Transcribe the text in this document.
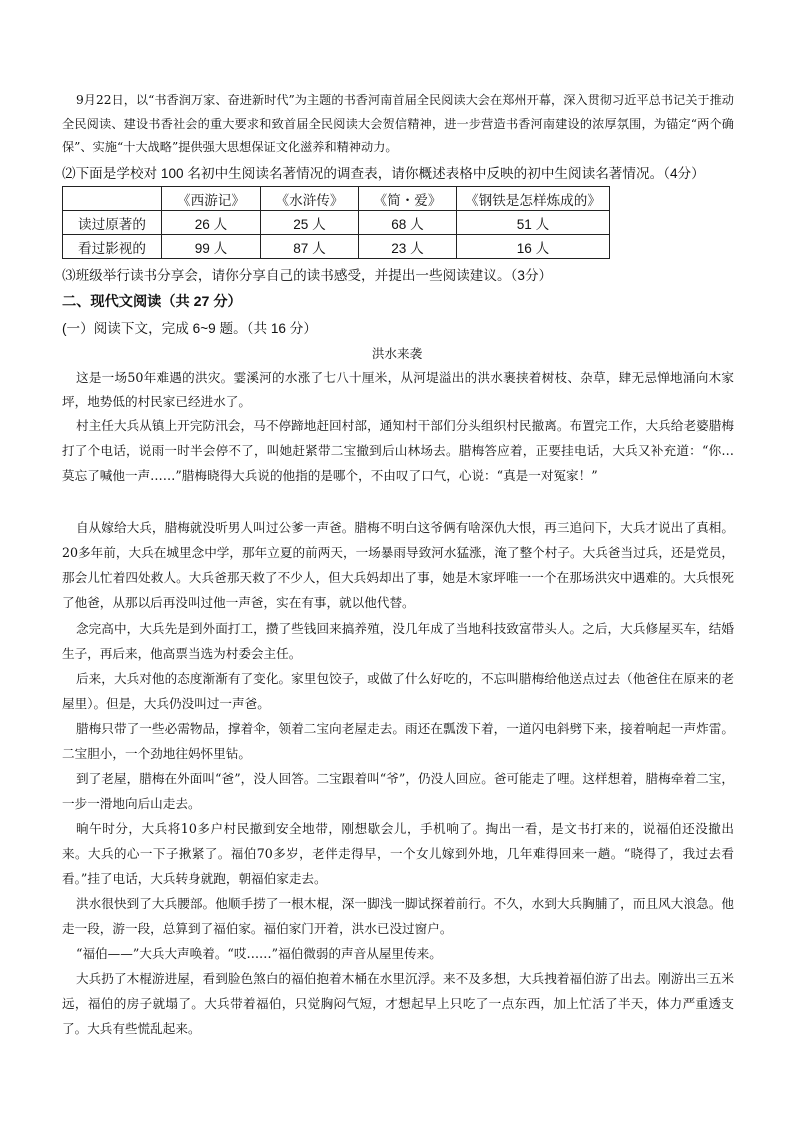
9月22日，以“书香润万家、奋进新时代”为主题的书香河南首届全民阅读大会在郑州开幕，深入贯彻习近平总书记关于推动全民阅读、建设书香社会的重大要求和致首届全民阅读大会贺信精神，进一步营造书香河南建设的浓厚氛围，为锚定“两个确保”、实施“十大战略”提供强大思想保证文化滋养和精神动力。
⑵下面是学校对 100 名初中生阅读名著情况的调查表，请你概述表格中反映的初中生阅读名著情况。（4分）
	《西游记》	《水浒传》	《简・爱》	《钢铁是怎样炼成的》
读过原著的	26 人	25 人	68 人	51 人
看过影视的	99 人	87 人	23 人	16 人
⑶班级举行读书分享会，请你分享自己的读书感受，并提出一些阅读建议。（3分）
二、现代文阅读（共 27 分）
(一）阅读下文，完成 6~9 题。（共 16 分）
洪水来袭
这是一场50年难遇的洪灾。霎溪河的水涨了七八十厘米，从河堤溢出的洪水裹挟着树枝、杂草，肆无忌惮地涌向木家坪，地势低的村民家已经进水了。
村主任大兵从镇上开完防汛会，马不停蹄地赶回村部，通知村干部们分头组织村民撤离。布置完工作，大兵给老婆腊梅打了个电话，说雨一时半会停不了，叫她赶紧带二宝撤到后山林场去。腊梅答应着，正要挂电话，大兵又补充道：“你…莫忘了喊他一声……”腊梅晓得大兵说的他指的是哪个，不由叹了口气，心说：“真是一对冤家！”
自从嫁给大兵，腊梅就没听男人叫过公爹一声爸。腊梅不明白这爷俩有啥深仇大恨，再三追问下，大兵才说出了真相。20多年前，大兵在城里念中学，那年立夏的前两天，一场暴雨导致河水猛涨，淹了整个村子。大兵爸当过兵，还是党员，那会儿忙着四处救人。大兵爸那天救了不少人，但大兵妈却出了事，她是木家坪唯一一个在那场洪灾中遇难的。大兵恨死了他爸，从那以后再没叫过他一声爸，实在有事，就以他代替。
念完高中，大兵先是到外面打工，攒了些钱回来搞养殖，没几年成了当地科技致富带头人。之后，大兵修屋买车，结婚生子，再后来，他高票当选为村委会主任。
后来，大兵对他的态度渐渐有了变化。家里包饺子，或做了什么好吃的，不忘叫腊梅给他送点过去（他爸住在原来的老屋里）。但是，大兵仍没叫过一声爸。
腊梅只带了一些必需物品，撑着伞，领着二宝向老屋走去。雨还在瓢泼下着，一道闪电斜劈下来，接着响起一声炸雷。二宝胆小，一个劲地往妈怀里钻。
到了老屋，腊梅在外面叫“爸”，没人回答。二宝跟着叫“爷”，仍没人回应。爸可能走了哩。这样想着，腊梅牵着二宝，一步一滑地向后山走去。
晌午时分，大兵将10多户村民撤到安全地带，刚想歇会儿，手机响了。掏出一看，是文书打来的，说福伯还没撤出来。大兵的心一下子揪紧了。福伯70多岁，老伴走得早，一个女儿嫁到外地，几年难得回来一趟。“晓得了，我过去看看。”挂了电话，大兵转身就跑，朝福伯家走去。
洪水很快到了大兵腰部。他顺手捞了一根木棍，深一脚浅一脚试探着前行。不久，水到大兵胸脯了，而且风大浪急。他走一段，游一段，总算到了福伯家。福伯家门开着，洪水已没过窗户。
“福伯——”大兵大声唤着。“哎……”福伯微弱的声音从屋里传来。
大兵扔了木棍游进屋，看到脸色煞白的福伯抱着木桶在水里沉浮。来不及多想，大兵拽着福伯游了出去。刚游出三五米远，福伯的房子就塌了。大兵带着福伯，只觉胸闷气短，才想起早上只吃了一点东西，加上忙活了半天，体力严重透支了。大兵有些慌乱起来。
